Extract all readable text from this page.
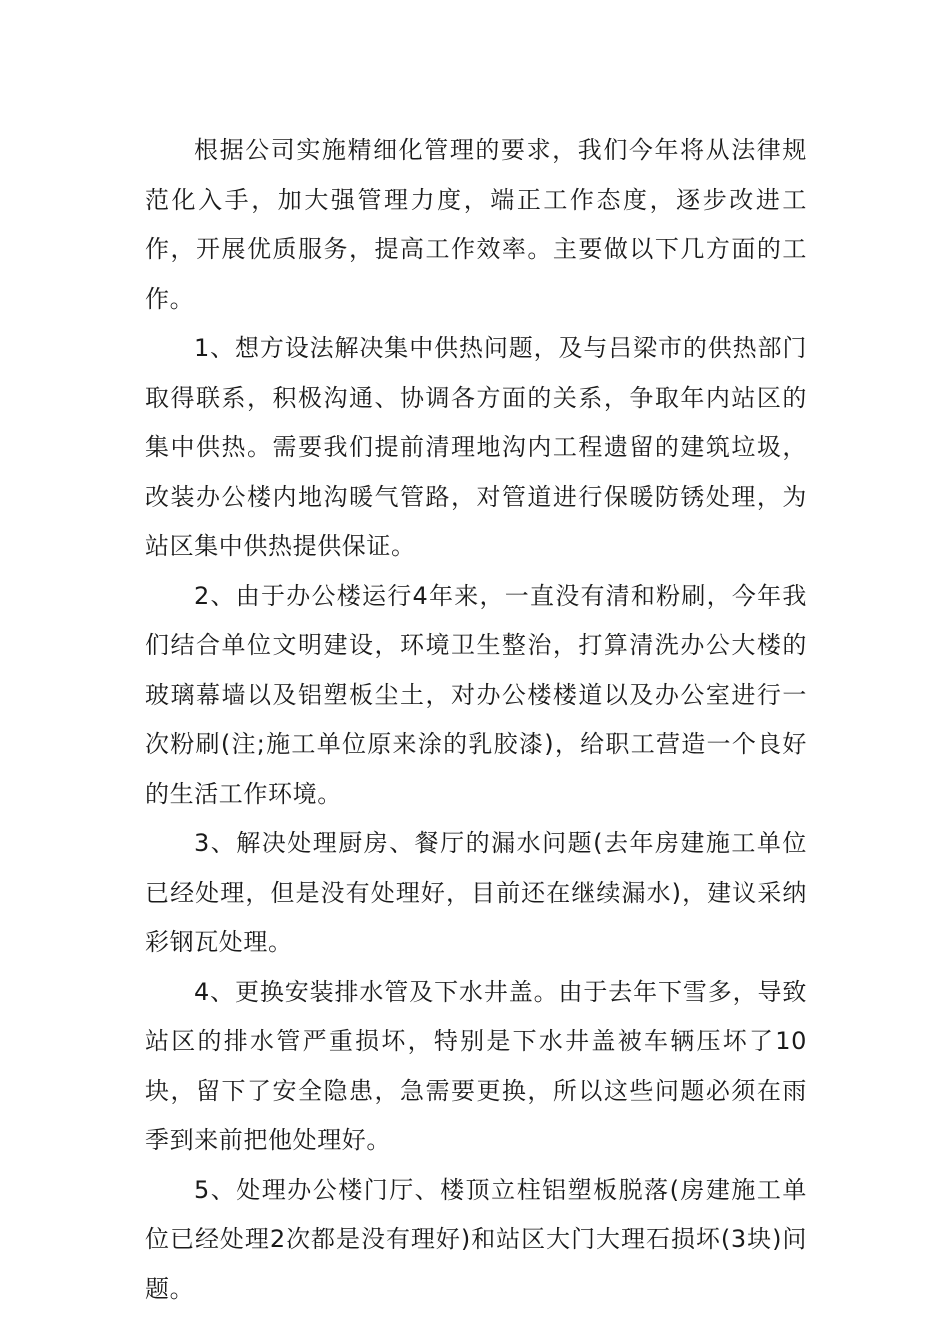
根据公司实施精细化管理的要求，我们今年将从法律规范化入手，加大强管理力度，端正工作态度，逐步改进工作，开展优质服务，提高工作效率。主要做以下几方面的工作。

1、想方设法解决集中供热问题，及与吕梁市的供热部门取得联系，积极沟通、协调各方面的关系，争取年内站区的集中供热。需要我们提前清理地沟内工程遗留的建筑垃圾，改装办公楼内地沟暖气管路，对管道进行保暖防锈处理，为站区集中供热提供保证。

2、由于办公楼运行4年来，一直没有清和粉刷，今年我们结合单位文明建设，环境卫生整治，打算清洗办公大楼的玻璃幕墙以及铝塑板尘土，对办公楼楼道以及办公室进行一次粉刷(注;施工单位原来涂的乳胶漆)，给职工营造一个良好的生活工作环境。

3、解决处理厨房、餐厅的漏水问题(去年房建施工单位已经处理，但是没有处理好，目前还在继续漏水)，建议采纳彩钢瓦处理。

4、更换安装排水管及下水井盖。由于去年下雪多，导致站区的排水管严重损坏，特别是下水井盖被车辆压坏了10块，留下了安全隐患，急需要更换，所以这些问题必须在雨季到来前把他处理好。

5、处理办公楼门厅、楼顶立柱铝塑板脱落(房建施工单位已经处理2次都是没有理好)和站区大门大理石损坏(3块)问题。
